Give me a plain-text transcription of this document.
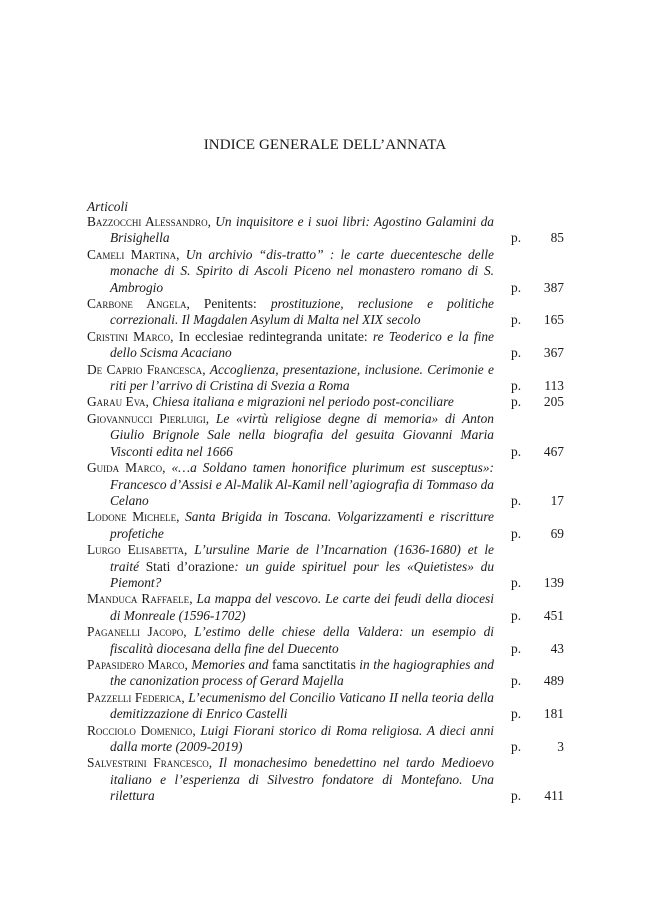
INDICE GENERALE DELL’ANNATA
Articoli
Bazzocchi Alessandro, Un inquisitore e i suoi libri: Agostino Galamini da Brisighella	p. 85
Cameli Martina, Un archivio “dis-tratto” : le carte duecentesche delle monache di S. Spirito di Ascoli Piceno nel monastero romano di S. Ambrogio	p. 387
Carbone Angela, Penitents: prostituzione, reclusione e politiche correzionali. Il Magdalen Asylum di Malta nel XIX secolo	p. 165
Cristini Marco, In ecclesiae redintegranda unitate: re Teoderico e la fine dello Scisma Acaciano	p. 367
De Caprio Francesca, Accoglienza, presentazione, inclusione. Cerimonie e riti per l’arrivo di Cristina di Svezia a Roma	p. 113
Garau Eva, Chiesa italiana e migrazioni nel periodo post-conciliare	p. 205
Giovannucci Pierluigi, Le «virtù religiose degne di memoria» di Anton Giulio Brignole Sale nella biografia del gesuita Giovanni Maria Visconti edita nel 1666	p. 467
Guida Marco, «…a Soldano tamen honorifice plurimum est susceptus»: Francesco d’Assisi e Al-Malik Al-Kamil nell’agiografia di Tommaso da Celano	p. 17
Lodone Michele, Santa Brigida in Toscana. Volgarizzamenti e riscritture profetiche	p. 69
Lurgo Elisabetta, L’ursuline Marie de l’Incarnation (1636-1680) et le traité Stati d’orazione: un guide spirituel pour les «Quietistes» du Piemont?	p. 139
Manduca Raffaele, La mappa del vescovo. Le carte dei feudi della diocesi di Monreale (1596-1702)	p. 451
Paganelli Jacopo, L’estimo delle chiese della Valdera: un esempio di fiscalità diocesana della fine del Duecento	p. 43
Papasidero Marco, Memories and fama sanctitatis in the hagiographies and the canonization process of Gerard Majella	p. 489
Pazzelli Federica, L’ecumenismo del Concilio Vaticano II nella teoria della demitizzazione di Enrico Castelli	p. 181
Rocciolo Domenico, Luigi Fiorani storico di Roma religiosa. A dieci anni dalla morte (2009-2019)	p.	3
Salvestrini Francesco, Il monachesimo benedettino nel tardo Medioevo italiano e l’esperienza di Silvestro fondatore di Montefano. Una rilettura	p. 411
